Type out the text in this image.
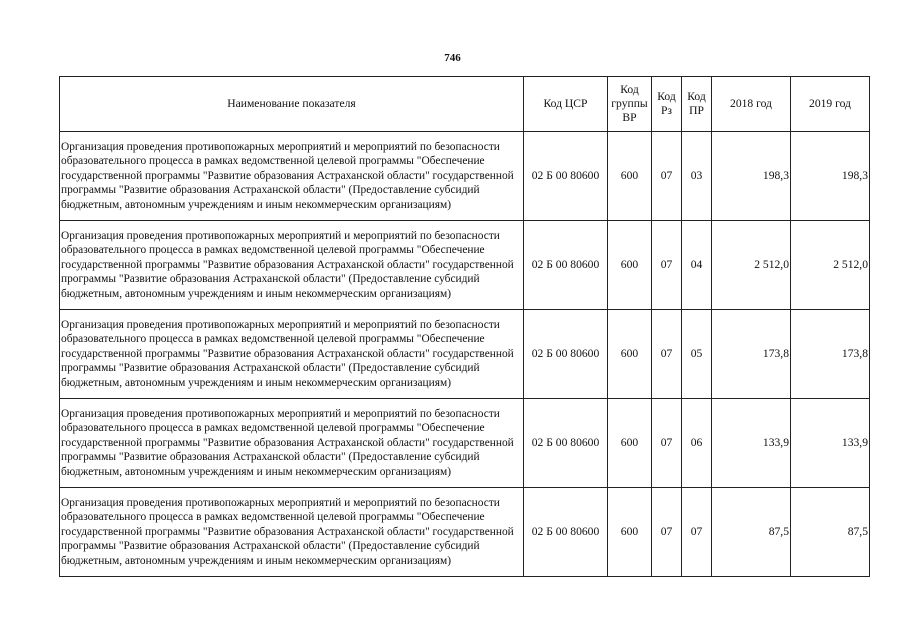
746
Наименование показателя	Код ЦСР	Код группы ВР	Код Рз	Код ПР	2018 год	2019 год
Организация проведения противопожарных мероприятий и мероприятий по безопасности образовательного процесса в рамках ведомственной целевой программы "Обеспечение государственной программы "Развитие образования Астраханской области" государственной программы "Развитие образования Астраханской области" (Предоставление субсидий бюджетным, автономным учреждениям и иным некоммерческим организациям)	02 Б 00 80600	600	07	03	198,3	198,3
Организация проведения противопожарных мероприятий и мероприятий по безопасности образовательного процесса в рамках ведомственной целевой программы "Обеспечение государственной программы "Развитие образования Астраханской области" государственной программы "Развитие образования Астраханской области" (Предоставление субсидий бюджетным, автономным учреждениям и иным некоммерческим организациям)	02 Б 00 80600	600	07	04	2 512,0	2 512,0
Организация проведения противопожарных мероприятий и мероприятий по безопасности образовательного процесса в рамках ведомственной целевой программы "Обеспечение государственной программы "Развитие образования Астраханской области" государственной программы "Развитие образования Астраханской области" (Предоставление субсидий бюджетным, автономным учреждениям и иным некоммерческим организациям)	02 Б 00 80600	600	07	05	173,8	173,8
Организация проведения противопожарных мероприятий и мероприятий по безопасности образовательного процесса в рамках ведомственной целевой программы "Обеспечение государственной программы "Развитие образования Астраханской области" государственной программы "Развитие образования Астраханской области" (Предоставление субсидий бюджетным, автономным учреждениям и иным некоммерческим организациям)	02 Б 00 80600	600	07	06	133,9	133,9
Организация проведения противопожарных мероприятий и мероприятий по безопасности образовательного процесса в рамках ведомственной целевой программы "Обеспечение государственной программы "Развитие образования Астраханской области" государственной программы "Развитие образования Астраханской области" (Предоставление субсидий бюджетным, автономным учреждениям и иным некоммерческим организациям)	02 Б 00 80600	600	07	07	87,5	87,5
